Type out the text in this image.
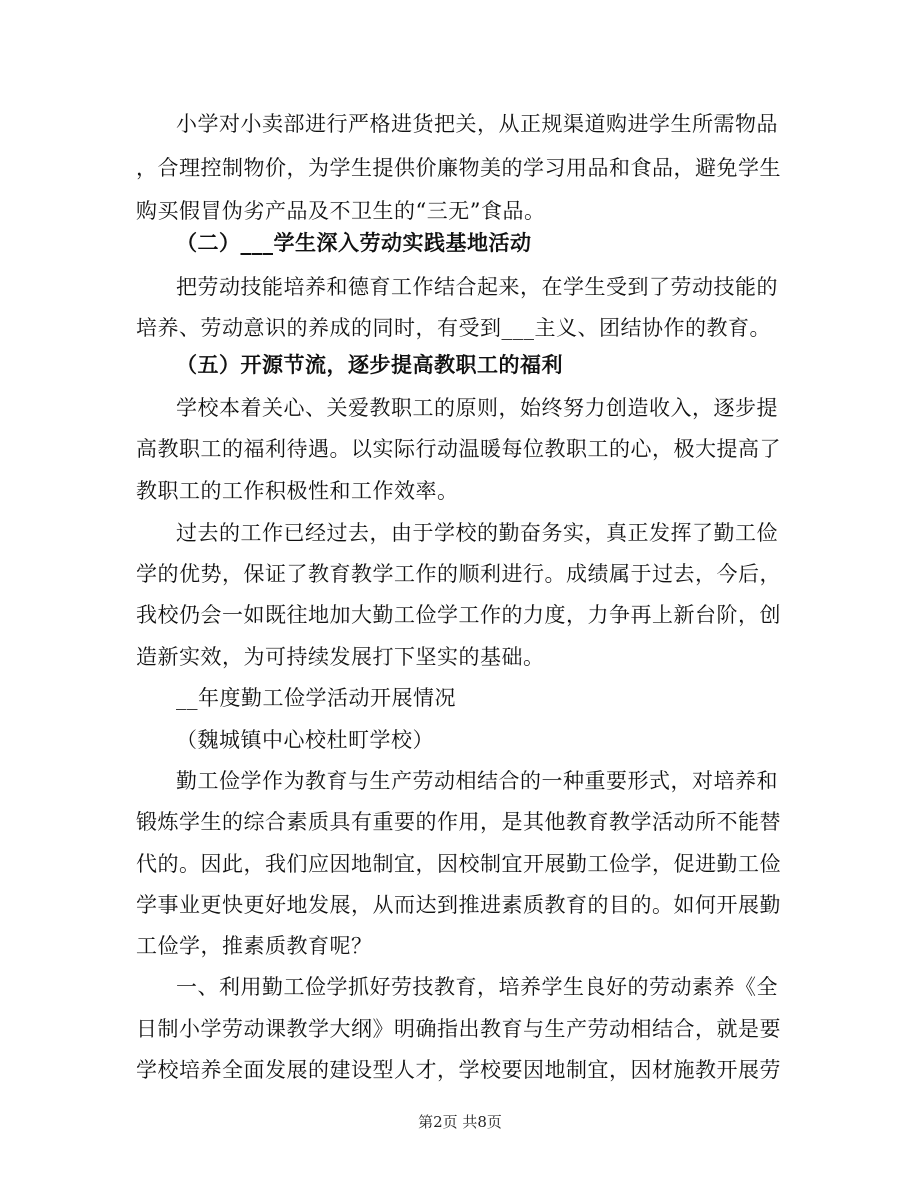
小学对小卖部进行严格进货把关，从正规渠道购进学生所需物品
，合理控制物价，为学生提供价廉物美的学习用品和食品，避免学生
购买假冒伪劣产品及不卫生的“三无”食品。
（二）___学生深入劳动实践基地活动
把劳动技能培养和德育工作结合起来，在学生受到了劳动技能的
培养、劳动意识的养成的同时，有受到___主义、团结协作的教育。
（五）开源节流，逐步提高教职工的福利
学校本着关心、关爱教职工的原则，始终努力创造收入，逐步提
高教职工的福利待遇。以实际行动温暖每位教职工的心，极大提高了
教职工的工作积极性和工作效率。
过去的工作已经过去，由于学校的勤奋务实，真正发挥了勤工俭
学的优势，保证了教育教学工作的顺利进行。成绩属于过去，今后，
我校仍会一如既往地加大勤工俭学工作的力度，力争再上新台阶，创
造新实效，为可持续发展打下坚实的基础。
__年度勤工俭学活动开展情况
（魏城镇中心校杜町学校）
勤工俭学作为教育与生产劳动相结合的一种重要形式，对培养和
锻炼学生的综合素质具有重要的作用，是其他教育教学活动所不能替
代的。因此，我们应因地制宜，因校制宜开展勤工俭学，促进勤工俭
学事业更快更好地发展，从而达到推进素质教育的目的。如何开展勤
工俭学，推素质教育呢？
一、利用勤工俭学抓好劳技教育，培养学生良好的劳动素养《全
日制小学劳动课教学大纲》明确指出教育与生产劳动相结合，就是要
学校培养全面发展的建设型人才，学校要因地制宜，因材施教开展劳
第2页 共8页
